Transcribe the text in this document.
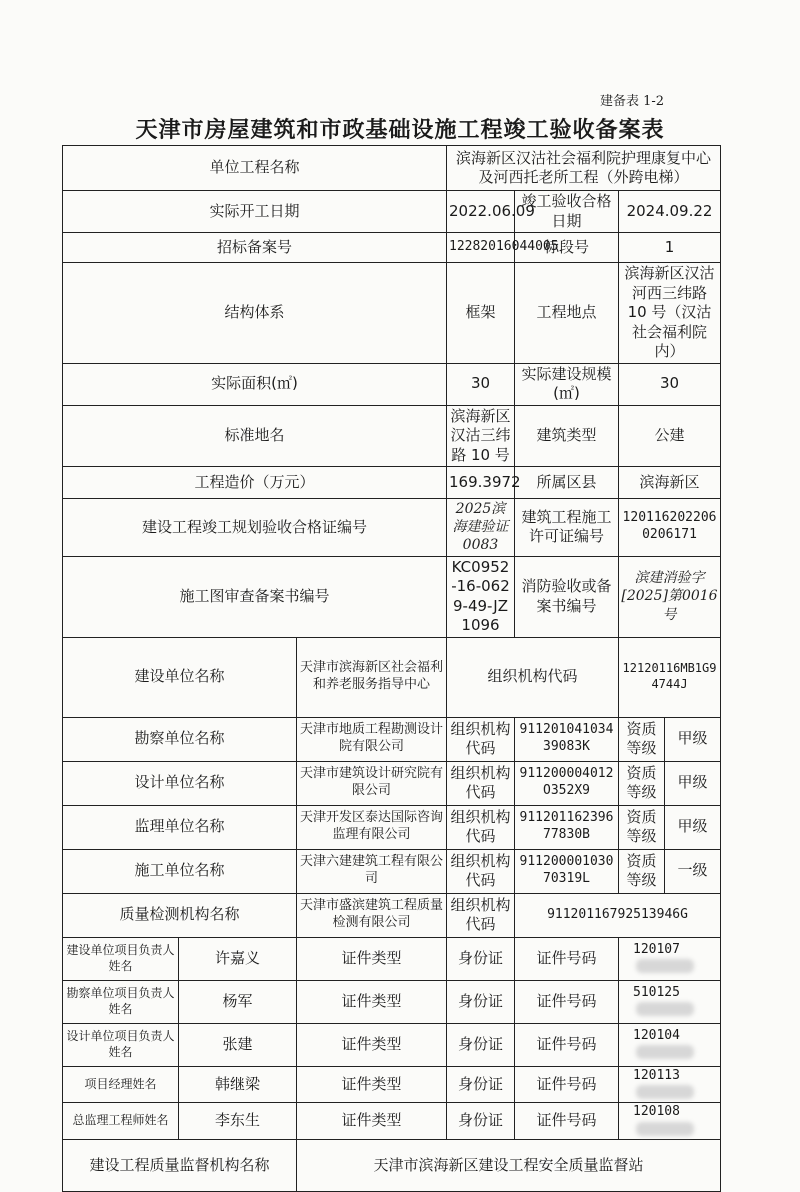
建备表 1-2
天津市房屋建筑和市政基础设施工程竣工验收备案表
单位工程名称			滨海新区汉沽社会福利院护理康复中心及河西托老所工程（外跨电梯）			
实际开工日期			2022.06.09	竣工验收合格日期	2024.09.22	
招标备案号			12282016044005	标段号	1	
结构体系			框架	工程地点	滨海新区汉沽河西三纬路 10 号（汉沽社会福利院内）	
实际面积(㎡)			30	实际建设规模(㎡)	30	
标准地名			滨海新区汉沽三纬路 10 号	建筑类型	公建	
工程造价（万元）			169.3972	所属区县	滨海新区	
建设工程竣工规划验收合格证编号			2025滨海建验证0083	建筑工程施工许可证编号	1201162022060206171	
施工图审查备案书编号			KC0952-16-0629-49-JZ1096	消防验收或备案书编号	滨建消验字[2025]第0016号	
建设单位名称		天津市滨海新区社会福利和养老服务指导中心	组织机构代码		12120116MB1G94744J	
勘察单位名称		天津市地质工程勘测设计院有限公司	组织机构代码	91120104103439083K	资质等级	甲级
设计单位名称		天津市建筑设计研究院有限公司	组织机构代码	911200004012O352X9	资质等级	甲级
监理单位名称		天津开发区泰达国际咨询监理有限公司	组织机构代码	91120116239677830B	资质等级	甲级
施工单位名称		天津六建建筑工程有限公司	组织机构代码	91120000103070319L	资质等级	一级
质量检测机构名称		天津市盛滨建筑工程质量检测有限公司	组织机构代码	91120116792513946G		
建设单位项目负责人姓名	许嘉义	证件类型	身份证	证件号码	120107	
勘察单位项目负责人姓名	杨军	证件类型	身份证	证件号码	510125	
设计单位项目负责人姓名	张建	证件类型	身份证	证件号码	120104	
项目经理姓名	韩继梁	证件类型	身份证	证件号码	120113	
总监理工程师姓名	李东生	证件类型	身份证	证件号码	120108	
建设工程质量监督机构名称		天津市滨海新区建设工程安全质量监督站				
